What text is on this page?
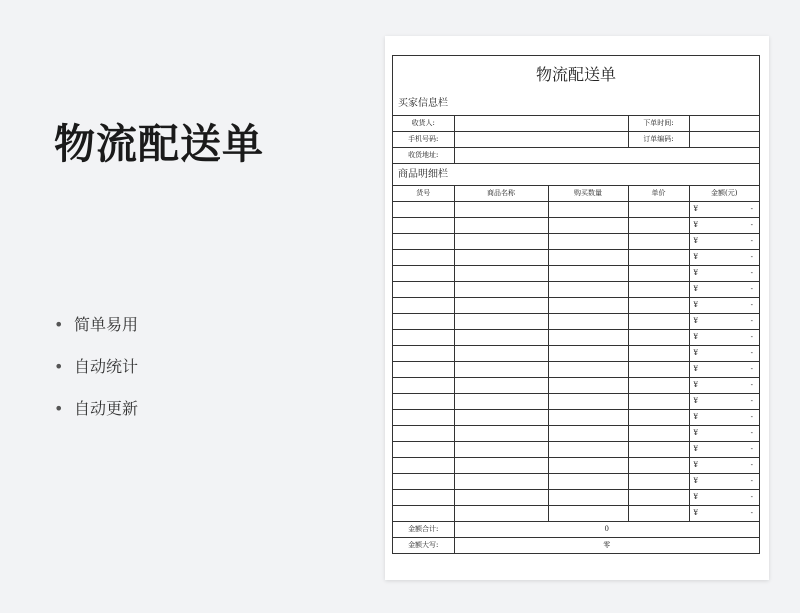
物流配送单
• 简单易用
• 自动统计
• 自动更新
物流配送单
买家信息栏
收货人:		下单时间:	
手机号码:		订单编码:	
收货地址:			
商品明细栏
货号	商品名称	购买数量	单价	金额(元)

				¥ -

				¥ -

				¥ -

				¥ -

				¥ -

				¥ -

				¥ -

				¥ -

				¥ -

				¥ -

				¥ -

				¥ -

				¥ -

				¥ -

				¥ -

				¥ -

				¥ -

				¥ -

				¥ -

				¥ -
金额合计:	0
金额大写:	零
